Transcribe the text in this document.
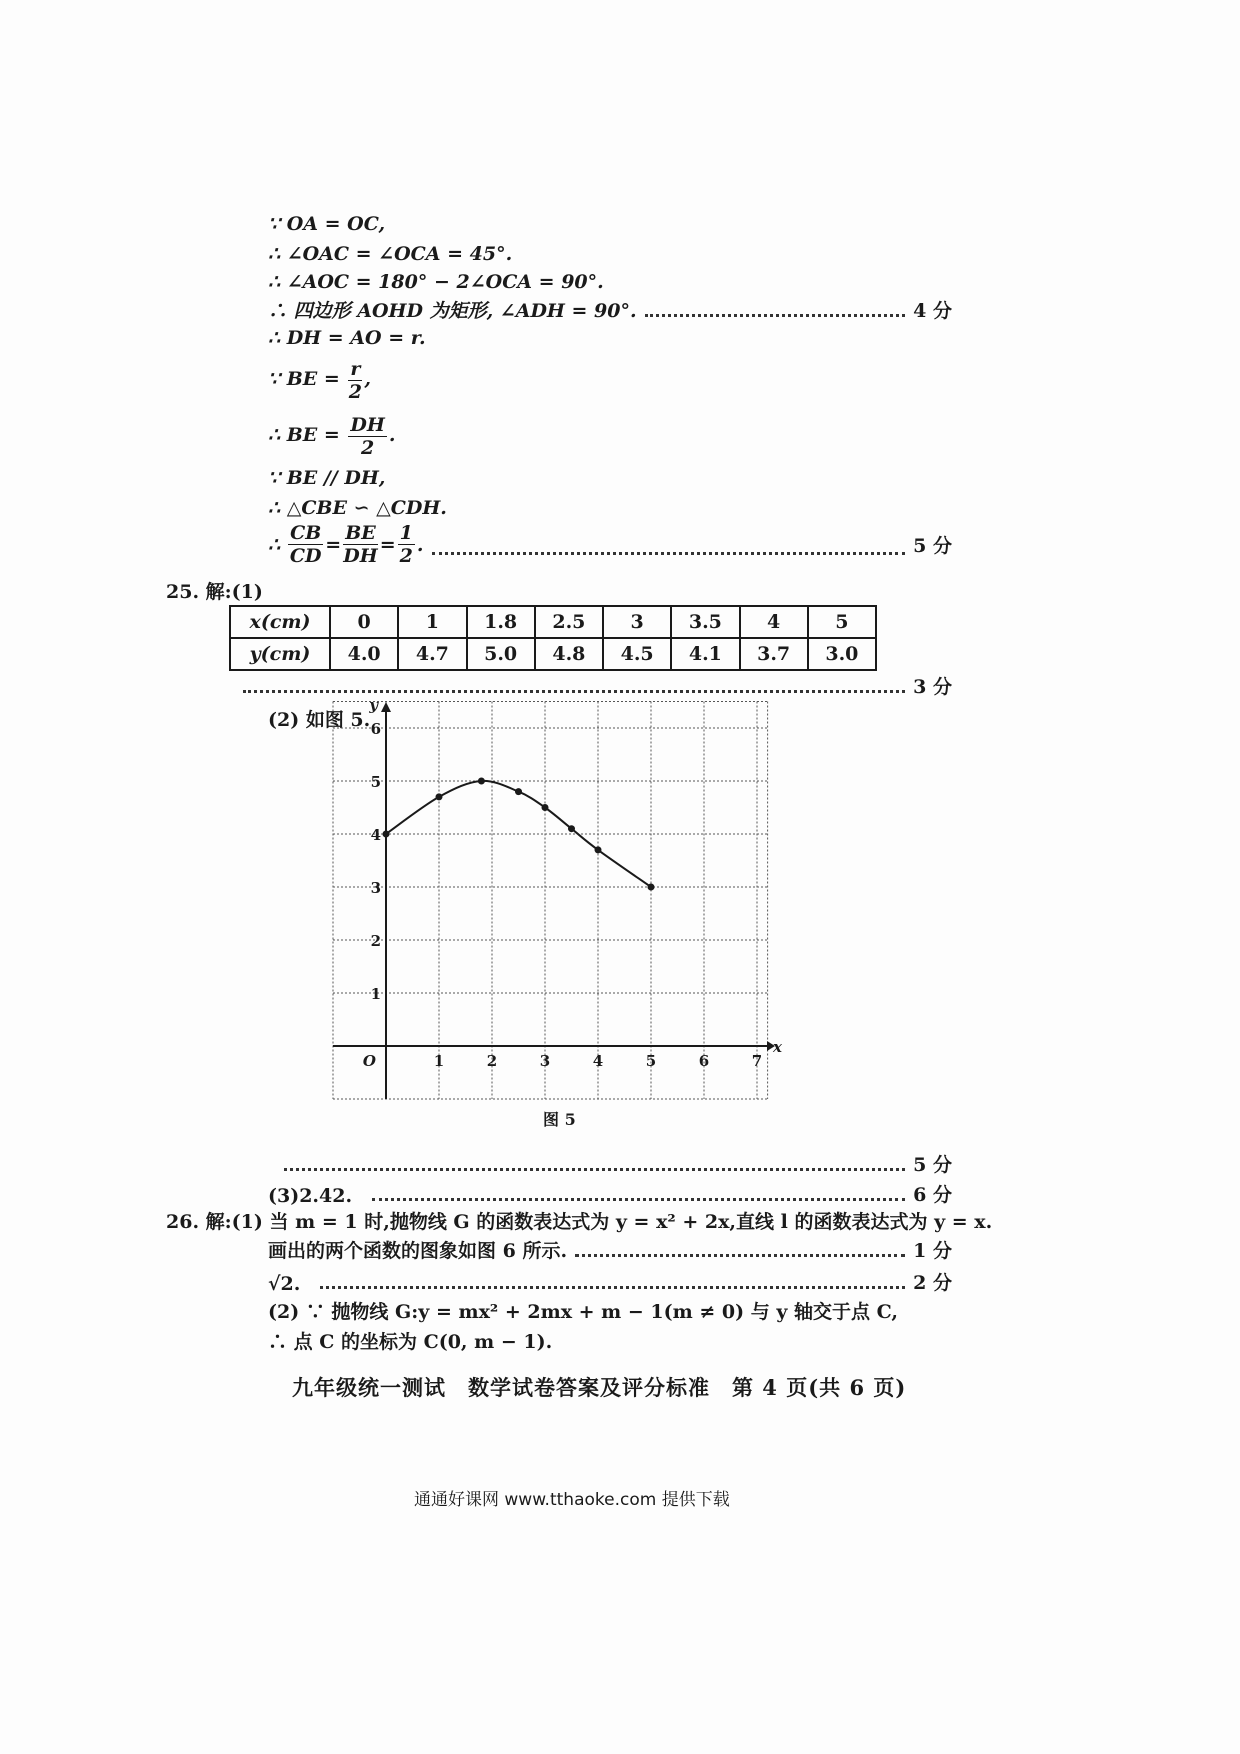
∵ OA = OC,
∴ ∠OAC = ∠OCA = 45°.
∴ ∠AOC = 180° − 2∠OCA = 90°.
∴ 四边形 AOHD 为矩形, ∠ADH = 90°.	4 分
∴ DH = AO = r.
∵ BE = $\frac{r}{2}$ ,
∴ BE = $\frac{DH}{2}$ .
∵ BE // DH,
∴ △CBE ∽ △CDH.
∴ $\frac{CB}{CD} = \frac{BE}{DH} = \frac{1}{2}$ .	5 分
25. 解:(1)
x(cm)	0	1	1.8	2.5	3	3.5	4	5
y(cm)	4.0	4.7	5.0	4.8	4.5	4.1	3.7	3.0
3 分
(2) 如图 5.
1	2	3	4	5	6	7
1
2
3
4
5
6
O
x
y
图 5
5 分
(3)2.42.	6 分
26. 解:(1) 当 m = 1 时,抛物线 G 的函数表达式为 y = x² + 2x,直线 l 的函数表达式为 y = x.
画出的两个函数的图象如图 6 所示.	1 分
√2.	2 分
(2) ∵ 抛物线 G:y = mx² + 2mx + m − 1(m ≠ 0) 与 y 轴交于点 C,
∴ 点 C 的坐标为 C(0, m − 1).
九年级统一测试　数学试卷答案及评分标准　第 4 页(共 6 页)
通通好课网 www.tthaoke.com 提供下载
